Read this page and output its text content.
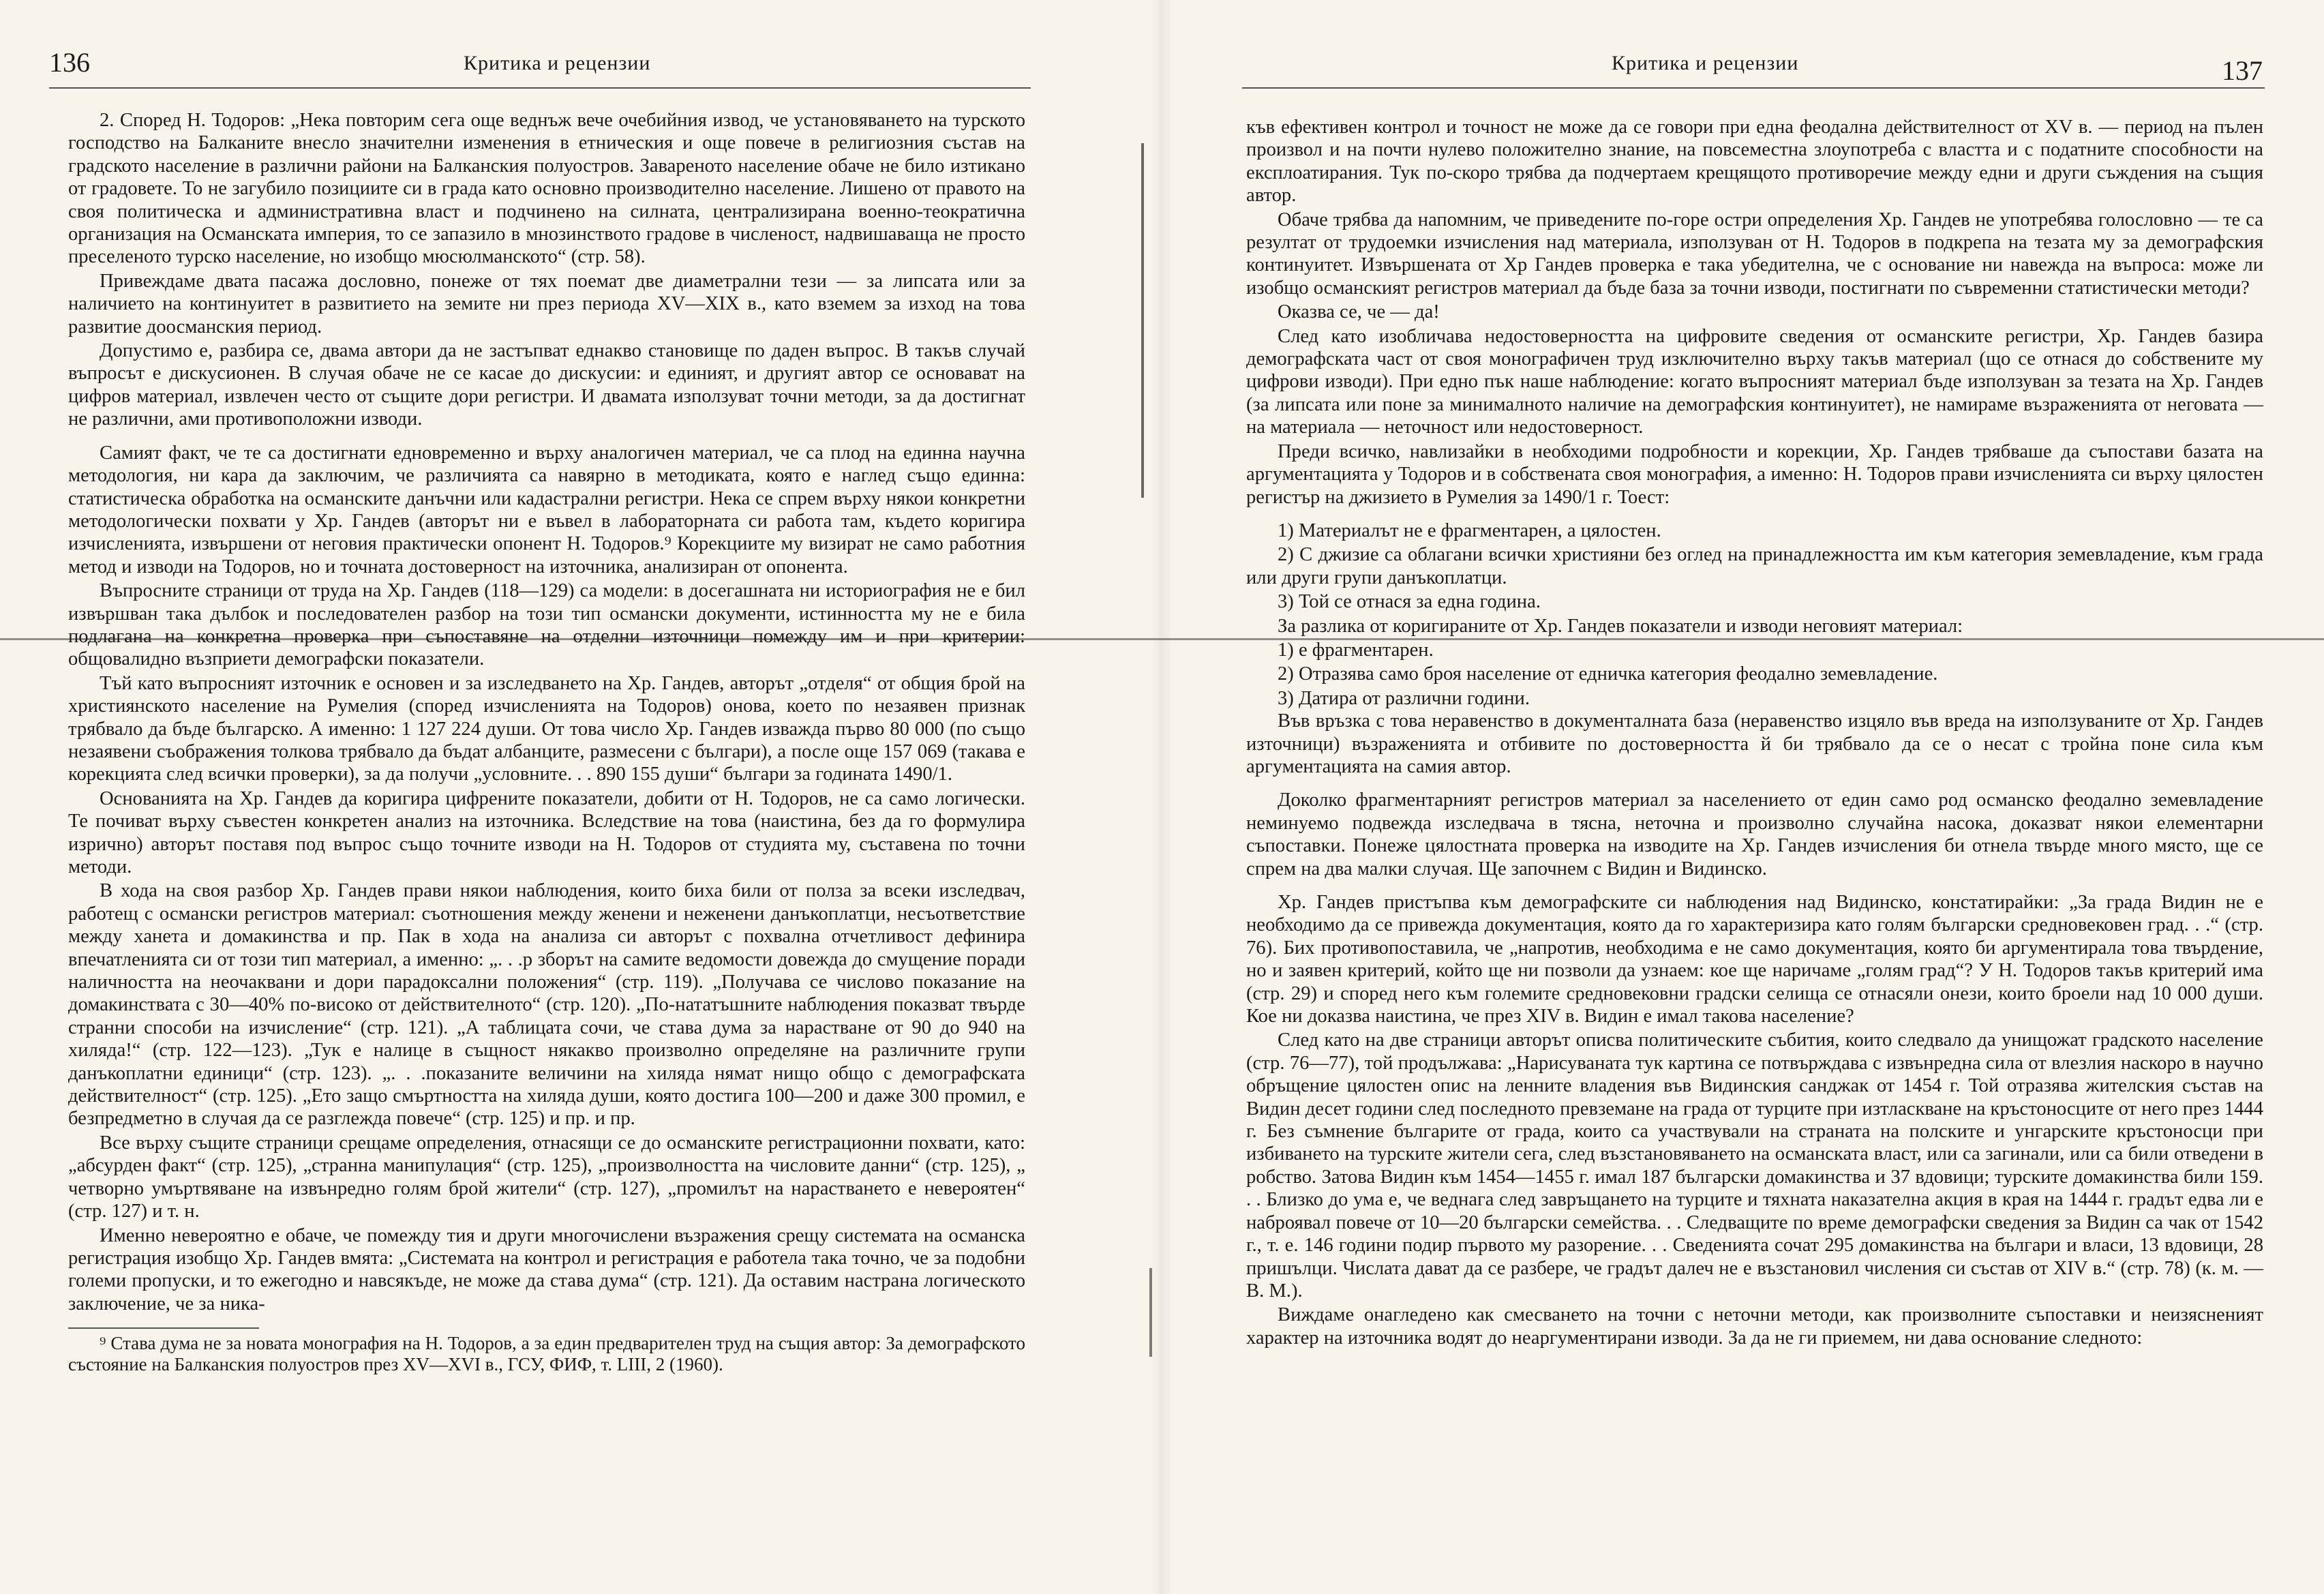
136	Критика и рецензии

2. Според Н. Тодоров: „Нека повторим сега още веднъж вече очебийния извод, че установяването на турското господство на Балканите внесло значителни изменения в етническия и още повече в религиозния състав на градското население в различни райони на Балканския полуостров. Завареното население обаче не било изтикано от градовете. То не загубило позициите си в града като основно производително население. Лишено от правото на своя политическа и административна власт и подчинено на силната, централизирана военно-теократична организация на Османската империя, то се запазило в мнозинството градове в численост, надвишаваща не просто преселеното турско население, но изобщо мюсюлманското“ (стр. 58).

Привеждаме двата пасажа дословно, понеже от тях поемат две диаметрални тези — за липсата или за наличието на континуитет в развитието на земите ни през периода XV—XIX в., като вземем за изход на това развитие доосманския период.

Допустимо е, разбира се, двама автори да не застъпват еднакво становище по даден въпрос. В такъв случай въпросът е дискусионен. В случая обаче не се касае до дискусии: и единият, и другият автор се основават на цифров материал, извлечен често от същите дори регистри. И двамата използуват точни методи, за да достигнат не различни, ами противоположни изводи.

Самият факт, че те са достигнати едновременно и върху аналогичен материал, че са плод на единна научна методология, ни кара да заключим, че различията са навярно в методиката, която е наглед също единна: статистическа обработка на османските данъчни или кадастрални регистри. Нека се спрем върху някои конкретни методологически похвати у Хр. Гандев (авторът ни е въвел в лабораторната си работа там, където коригира изчисленията, извършени от неговия практически опонент Н. Тодоров.⁹ Корекциите му визират не само работния метод и изводи на Тодоров, но и точната достоверност на източника, анализиран от опонента.

Въпросните страници от труда на Хр. Гандев (118—129) са модели: в досегашната ни историография не е бил извършван така дълбок и последователен разбор на този тип османски документи, истинността му не е била подлагана на конкретна проверка при съпоставяне на отделни източници помежду им и при критерии: общовалидно възприети демографски показатели.

Тъй като въпросният източник е основен и за изследването на Хр. Гандев, авторът „отделя“ от общия брой на християнското население на Румелия (според изчисленията на Тодоров) онова, което по незаявен признак трябвало да бъде българско. А именно: 1 127 224 души. От това число Хр. Гандев изважда първо 80 000 (по също незаявени съображения толкова трябвало да бъдат албанците, размесени с българи), а после още 157 069 (такава е корекцията след всички проверки), за да получи „условните. . . 890 155 души“ българи за годината 1490/1.

Основанията на Хр. Гандев да коригира цифрените показатели, добити от Н. Тодоров, не са само логически. Те почиват върху съвестен конкретен анализ на източника. Вследствие на това (наистина, без да го формулира изрично) авторът поставя под въпрос също точните изводи на Н. Тодоров от студията му, съставена по точни методи.

В хода на своя разбор Хр. Гандев прави някои наблюдения, които биха били от полза за всеки изследвач, работещ с османски регистров материал: съотношения между женени и неженени данъкоплатци, несъответствие между ханета и домакинства и пр. Пак в хода на анализа си авторът с похвална отчетливост дефинира впечатленията си от този тип материал, а именно: „. . .р зборът на самите ведомости довежда до смущение поради наличността на неочаквани и дори парадоксални положения“ (стр. 119). „Получава се числово показание на домакинствата с 30—40% по-високо от действителното“ (стр. 120). „По-нататъшните наблюдения показват твърде странни способи на изчисление“ (стр. 121). „А таблицата сочи, че става дума за нарастване от 90 до 940 на хиляда!“ (стр. 122—123). „Тук е налице в същност някакво произволно определяне на различните групи данъкоплатни единици“ (стр. 123). „. . .показаните величини на хиляда нямат нищо общо с демографската действителност“ (стр. 125). „Ето защо смъртността на хиляда души, която достига 100—200 и даже 300 промил, е безпредметно в случая да се разглежда повече“ (стр. 125) и пр. и пр.

Все върху същите страници срещаме определения, отнасящи се до османските регистрационни похвати, като: „абсурден факт“ (стр. 125), „странна манипулация“ (стр. 125), „произволността на числовите данни“ (стр. 125), „ четворно умъртвяване на извънредно голям брой жители“ (стр. 127), „промилът на нарастването е невероятен“ (стр. 127) и т. н.

Именно невероятно е обаче, че помежду тия и други многочислени възражения срещу системата на османска регистрация изобщо Хр. Гандев вмята: „Системата на контрол и регистрация е работела така точно, че за подобни големи пропуски, и то ежегодно и навсякъде, не може да става дума“ (стр. 121). Да оставим настрана логическото заключение, че за ника-

⁹ Става дума не за новата монография на Н. Тодоров, а за един предварителен труд на същия автор: За демографското състояние на Балканския полуостров през XV—XVI в., ГСУ, ФИФ, т. LIII, 2 (1960).

Критика и рецензии	137

къв ефективен контрол и точност не може да се говори при една феодална действителност от XV в. — период на пълен произвол и на почти нулево положително знание, на повсеместна злоупотреба с властта и с податните способности на експлоатирания. Тук по-скоро трябва да подчертаем крещящото противоречие между едни и други съждения на същия автор.

Обаче трябва да напомним, че приведените по-горе остри определения Хр. Гандев не употребява голословно — те са резултат от трудоемки изчисления над материала, използуван от Н. Тодоров в подкрепа на тезата му за демографския континуитет. Извършената от Хр Гандев проверка е така убедителна, че с основание ни навежда на въпроса: може ли изобщо османският регистров материал да бъде база за точни изводи, постигнати по съвременни статистически методи?

Оказва се, че — да!

След като изобличава недостоверността на цифровите сведения от османските регистри, Хр. Гандев базира демографската част от своя монографичен труд изключително върху такъв материал (що се отнася до собствените му цифрови изводи). При едно пък наше наблюдение: когато въпросният материал бъде използуван за тезата на Хр. Гандев (за липсата или поне за минималното наличие на демографския континуитет), не намираме възраженията от неговата — на материала — неточност или недостоверност.

Преди всичко, навлизайки в необходими подробности и корекции, Хр. Гандев трябваше да съпостави базата на аргументацията у Тодоров и в собствената своя монография, а именно: Н. Тодоров прави изчисленията си върху цялостен регистър на джизието в Румелия за 1490/1 г. Тоест:

1) Материалът не е фрагментарен, а цялостен.

2) С джизие са облагани всички християни без оглед на принадлежността им към категория земевладение, към града или други групи данъкоплатци.

3) Той се отнася за една година.

За разлика от коригираните от Хр. Гандев показатели и изводи неговият материал:

1) е фрагментарен.

2) Отразява само броя население от едничка категория феодално земевладение.

3) Датира от различни години.

Във връзка с това неравенство в документалната база (неравенство изцяло във вреда на използуваните от Хр. Гандев източници) възраженията и отбивите по достоверността й би трябвало да се о несат с тройна поне сила към аргументацията на самия автор.

Доколко фрагментарният регистров материал за населението от един само род османско феодално земевладение неминуемо подвежда изследвача в тясна, неточна и произволно случайна насока, доказват някои елементарни съпоставки. Понеже цялостната проверка на изводите на Хр. Гандев изчисления би отнела твърде много място, ще се спрем на два малки случая. Ще започнем с Видин и Видинско.

Хр. Гандев пристъпва към демографските си наблюдения над Видинско, констатирайки: „За града Видин не е необходимо да се привежда документация, която да го характеризира като голям български средновековен град. . .“ (стр. 76). Бих противопоставила, че „напротив, необходима е не само документация, която би аргументирала това твърдение, но и заявен критерий, който ще ни позволи да узнаем: кое ще наричаме „голям град“? У Н. Тодоров такъв критерий има (стр. 29) и според него към големите средновековни градски селища се отнасяли онези, които броели над 10 000 души. Кое ни доказва наистина, че през XIV в. Видин е имал такова население?

След като на две страници авторът описва политическите събития, които следвало да унищожат градското население (стр. 76—77), той продължава: „Нарисуваната тук картина се потвърждава с извънредна сила от влезлия наскоро в научно обръщение цялостен опис на ленните владения във Видинския санджак от 1454 г. Той отразява жителския състав на Видин десет години след последното превземане на града от турците при изтласкване на кръстоносците от него през 1444 г. Без съмнение българите от града, които са участвували на страната на полските и унгарските кръстоносци при избиването на турските жители сега, след възстановяването на османската власт, или са загинали, или са били отведени в робство. Затова Видин към 1454—1455 г. имал 187 български домакинства и 37 вдовици; турските домакинства били 159. . . Близко до ума е, че веднага след завръщането на турците и тяхната наказателна акция в края на 1444 г. градът едва ли е наброявал повече от 10—20 български семейства. . . Следващите по време демографски сведения за Видин са чак от 1542 г., т. е. 146 години подир първото му разорение. . . Сведенията сочат 295 домакинства на българи и власи, 13 вдовици, 28 пришълци. Числата дават да се разбере, че градът далеч не е възстановил числения си състав от XIV в.“ (стр. 78) (к. м. — В. М.).

Виждаме онагледено как смесването на точни с неточни методи, как произволните съпоставки и неизясненият характер на източника водят до неаргументирани изводи. За да не ги приемем, ни дава основание следното:
